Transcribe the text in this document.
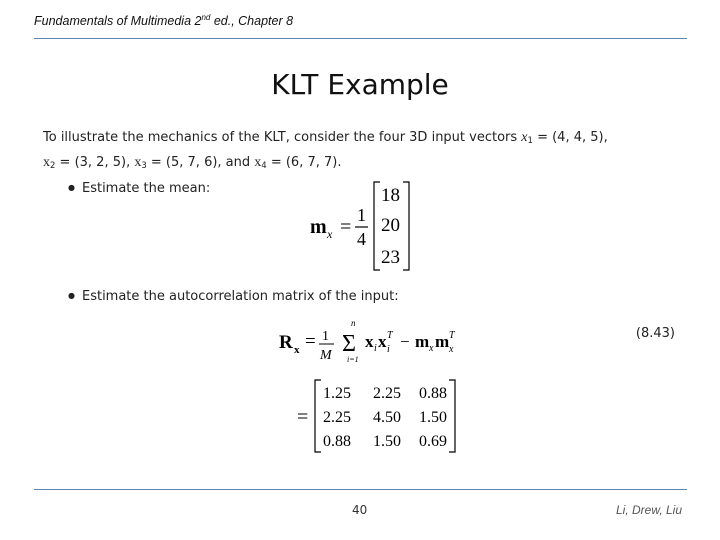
Fundamentals of Multimedia 2nd ed., Chapter 8
KLT Example
To illustrate the mechanics of the KLT, consider the four 3D input vectors $x_1 = (4$, 4, 5),
$x_2 = (3$, 2, 5), $x_3 = (5$, 7, 6), and $x_4 = (6$, 7, 7).
● Estimate the mean:
m x =
1
4
18
20
23
● Estimate the autocorrelation matrix of the input:
R x = 1
M
n
Σ
i=1
x i x i
T − m x m x
T	(8.43)
=
1.25 2.25 0.88
2.25 4.50 1.50
0.88 1.50 0.69
40	Li, Drew, Liu
